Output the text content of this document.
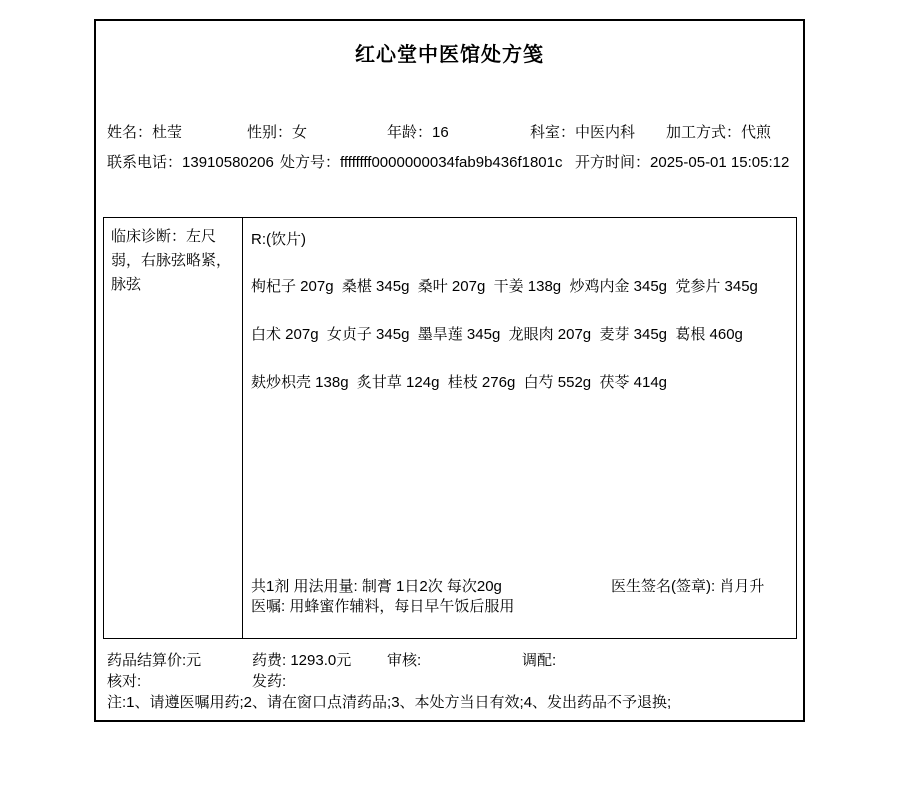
红心堂中医馆处方笺
姓名：杜莹	性别：女	年龄：16	科室：中医内科 加工方式：代煎
联系电话：13910580206 处方号：ffffffff0000000034fab9b436f1801c 开方时间：2025-05-01 15:05:12
临床诊断：左尺弱，右脉弦略紧，脉弦
R:(饮片)
枸杞子 207g  桑椹 345g  桑叶 207g  干姜 138g  炒鸡内金 345g  党参片 345g
白术 207g  女贞子 345g  墨旱莲 345g  龙眼肉 207g  麦芽 345g  葛根 460g
麸炒枳壳 138g  炙甘草 124g  桂枝 276g  白芍 552g  茯苓 414g
共1剂 用法用量: 制膏 1日2次 每次20g	医生签名(签章): 肖月升
医嘱: 用蜂蜜作辅料，每日早午饭后服用
药品结算价:元	药费: 1293.0元 审核:	调配:
核对:	发药:
注:1、请遵医嘱用药;2、请在窗口点清药品;3、本处方当日有效;4、发出药品不予退换;
